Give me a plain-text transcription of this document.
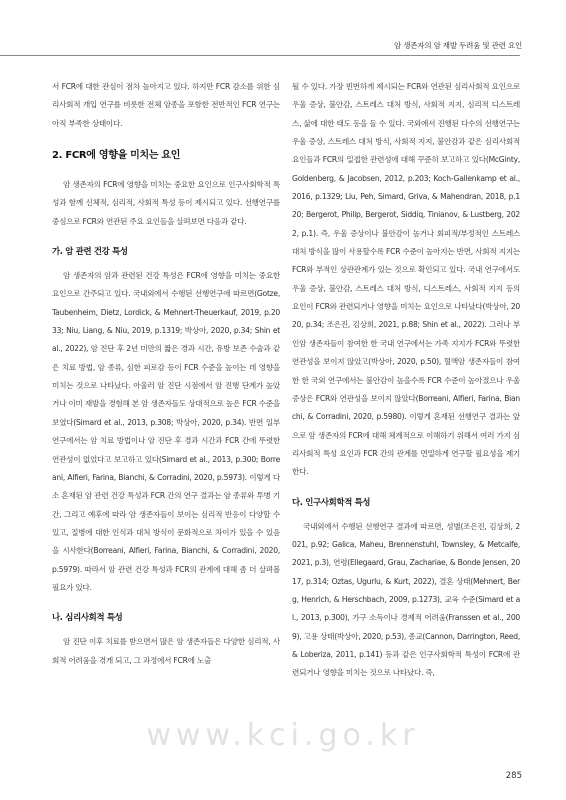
암 생존자의 암 재발 두려움 및 관련 요인

서 FCR에 대한 관심이 점차 높아지고 있다. 하지만 FCR 감소를 위한 심리사회적 개입 연구를 비롯한 전체 암종을 포함한 전반적인 FCR 연구는 아직 부족한 상태이다.

2. FCR에 영향을 미치는 요인

암 생존자의 FCR에 영향을 미치는 중요한 요인으로 인구사회학적 특성과 함께 신체적, 심리적, 사회적 특성 등이 제시되고 있다. 선행연구를 중심으로 FCR와 연관된 주요 요인들을 살펴보면 다음과 같다.

가. 암 관련 건강 특성

암 생존자의 암과 관련된 건강 특성은 FCR에 영향을 미치는 중요한 요인으로 간주되고 있다. 국내외에서 수행된 선행연구에 따르면(Gotze, Taubenheim, Dietz, Lordick, & Mehnert-Theuerkauf, 2019, p.2033; Niu, Liang, & Niu, 2019, p.1319; 박상아, 2020, p.34; Shin et al., 2022), 암 진단 후 2년 미만의 짧은 경과 시간, 유방 보존 수술과 같은 치료 방법, 암 종류, 심한 피로감 등이 FCR 수준을 높이는 데 영향을 미치는 것으로 나타났다. 아울러 암 진단 시점에서 암 진행 단계가 높았거나 이미 재발을 경험해 본 암 생존자들도 상대적으로 높은 FCR 수준을 보였다(Simard et al., 2013, p.308; 박상아, 2020, p.34). 반면 일부 연구에서는 암 치료 방법이나 암 진단 후 경과 시간과 FCR 간에 뚜렷한 연관성이 없었다고 보고하고 있다(Simard et al., 2013, p.300; Borreani, Alfieri, Farina, Bianchi, & Corradini, 2020, p.5973). 이렇게 다소 혼재된 암 관련 건강 특성과 FCR 간의 연구 결과는 암 종류와 투병 기간, 그리고 예후에 따라 암 생존자들이 보이는 심리적 반응이 다양할 수 있고, 질병에 대한 인식과 대처 방식이 문화적으로 차이가 있을 수 있음을 시사한다(Borreani, Alfieri, Farina, Bianchi, & Corradini, 2020, p.5979). 따라서 암 관련 건강 특성과 FCR의 관계에 대해 좀 더 살펴볼 필요가 있다.

나. 심리사회적 특성

암 진단 이후 치료를 받으면서 많은 암 생존자들은 다양한 심리적, 사회적 어려움을 겪게 되고, 그 과정에서 FCR에 노출

될 수 있다. 가장 빈번하게 제시되는 FCR와 연관된 심리사회적 요인으로 우울 증상, 불안감, 스트레스 대처 방식, 사회적 지지, 심리적 디스트레스, 삶에 대한 태도 등을 들 수 있다. 국외에서 진행된 다수의 선행연구는 우울 증상, 스트레스 대처 방식, 사회적 지지, 불안감과 같은 심리사회적 요인들과 FCR의 밀접한 관련성에 대해 꾸준히 보고하고 있다(McGinty, Goldenberg, & Jacobsen, 2012, p.203; Koch-Gallenkamp et al., 2016, p.1329; Liu, Peh, Simard, Griva, & Mahendran, 2018, p.120; Bergerot, Philip, Bergerot, Siddiq, Tinianov, & Lustberg, 2022, p.1). 즉, 우울 증상이나 불안감이 높거나 회피적/부정적인 스트레스 대처 방식을 많이 사용할수록 FCR 수준이 높아지는 반면, 사회적 지지는 FCR와 부적인 상관관계가 있는 것으로 확인되고 있다. 국내 연구에서도 우울 증상, 불안감, 스트레스 대처 방식, 디스트레스, 사회적 지지 등의 요인이 FCR와 관련되거나 영향을 미치는 요인으로 나타났다(박상아, 2020, p.34; 조은진, 김상희, 2021, p.88; Shin et al., 2022). 그러나 부인암 생존자들이 참여한 한 국내 연구에서는 가족 지지가 FCR와 뚜렷한 연관성을 보이지 않았고(박상아, 2020, p.50), 혈액암 생존자들이 참여한 한 국외 연구에서는 불안감이 높을수록 FCR 수준이 높아졌으나 우울 증상은 FCR와 연관성을 보이지 않았다(Borreani, Alfieri, Farina, Bianchi, & Corradini, 2020, p.5980). 이렇게 혼재된 선행연구 결과는 앞으로 암 생존자의 FCR에 대해 체계적으로 이해하기 위해서 여러 가지 심리사회적 특성 요인과 FCR 간의 관계를 면밀하게 연구할 필요성을 제기한다.

다. 인구사회학적 특성

국내외에서 수행된 선행연구 결과에 따르면, 성별(조은진, 김상희, 2021, p.92; Galica, Maheu, Brennenstuhl, Townsley, & Metcalfe, 2021, p.3), 연령(Ellegaard, Grau, Zachariae, & Bonde Jensen, 2017, p.314; Oztas, Ugurlu, & Kurt, 2022), 결혼 상태(Mehnert, Berg, Henrich, & Herschbach, 2009, p.1273), 교육 수준(Simard et al., 2013, p.300), 가구 소득이나 경제적 어려움(Franssen et al., 2009), 고용 상태(박상아, 2020, p.53), 종교(Cannon, Darrington, Reed, & Loberiza, 2011, p.141) 등과 같은 인구사회학적 특성이 FCR에 관련되거나 영향을 미치는 것으로 나타났다. 즉,

www.kci.go.kr
285
